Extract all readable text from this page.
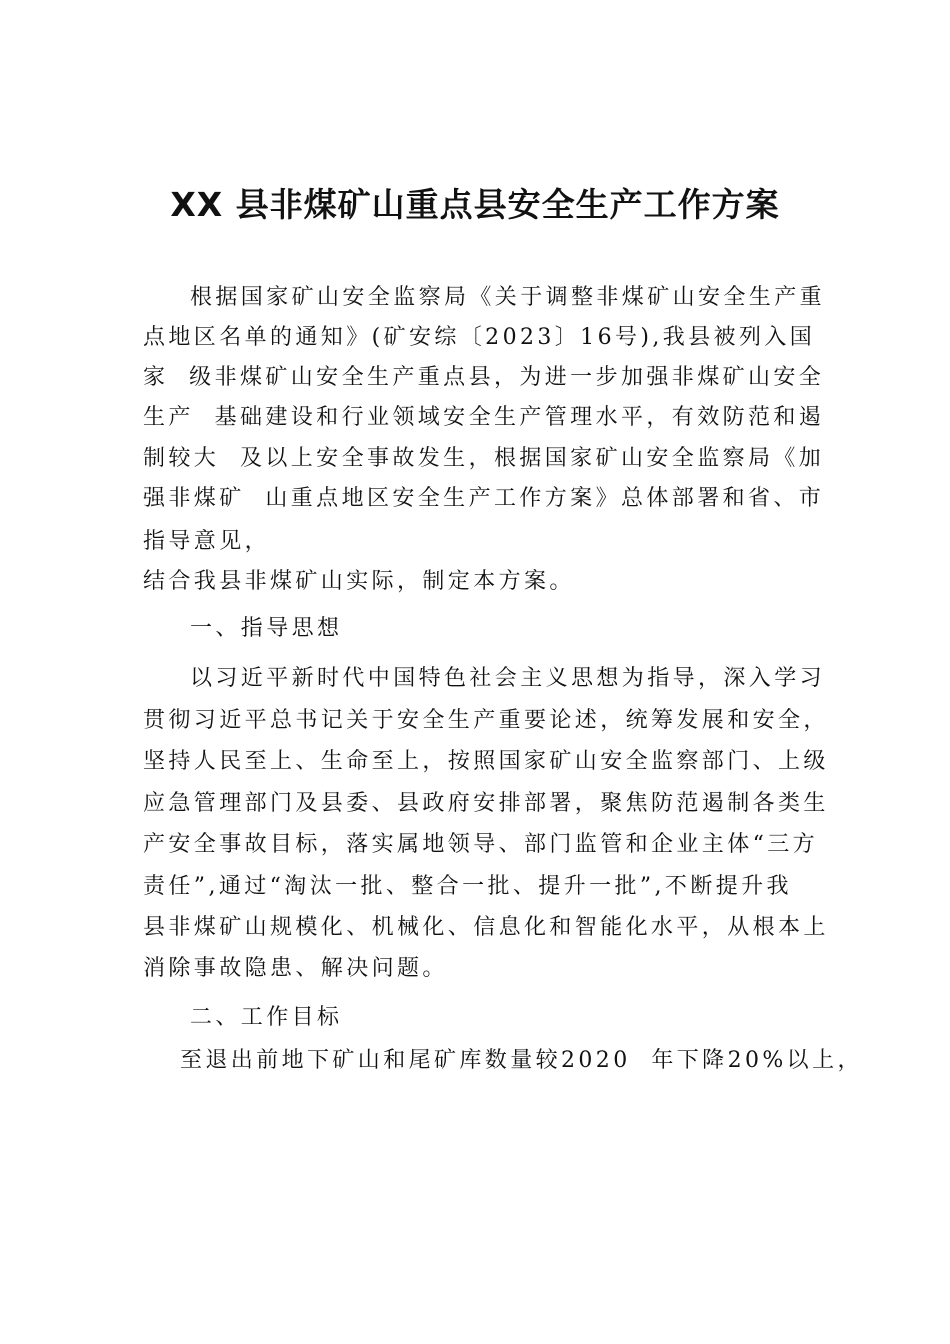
XX 县非煤矿山重点县安全生产工作方案
根据国家矿山安全监察局《关于调整非煤矿山安全生产重
点地区名单的通知》(矿安综〔2023〕16号),我县被列入国
家  级非煤矿山安全生产重点县，为进一步加强非煤矿山安全
生产  基础建设和行业领域安全生产管理水平，有效防范和遏
制较大  及以上安全事故发生，根据国家矿山安全监察局《加
强非煤矿  山重点地区安全生产工作方案》总体部署和省、市
指导意见，
结合我县非煤矿山实际，制定本方案。
一、指导思想
以习近平新时代中国特色社会主义思想为指导，深入学习
贯彻习近平总书记关于安全生产重要论述，统筹发展和安全，
坚持人民至上、生命至上，按照国家矿山安全监察部门、上级
应急管理部门及县委、县政府安排部署，聚焦防范遏制各类生
产安全事故目标，落实属地领导、部门监管和企业主体“三方
责任”,通过“淘汰一批、整合一批、提升一批”,不断提升我
县非煤矿山规模化、机械化、信息化和智能化水平，从根本上
消除事故隐患、解决问题。
二、工作目标
至退出前地下矿山和尾矿库数量较2020  年下降20%以上，
